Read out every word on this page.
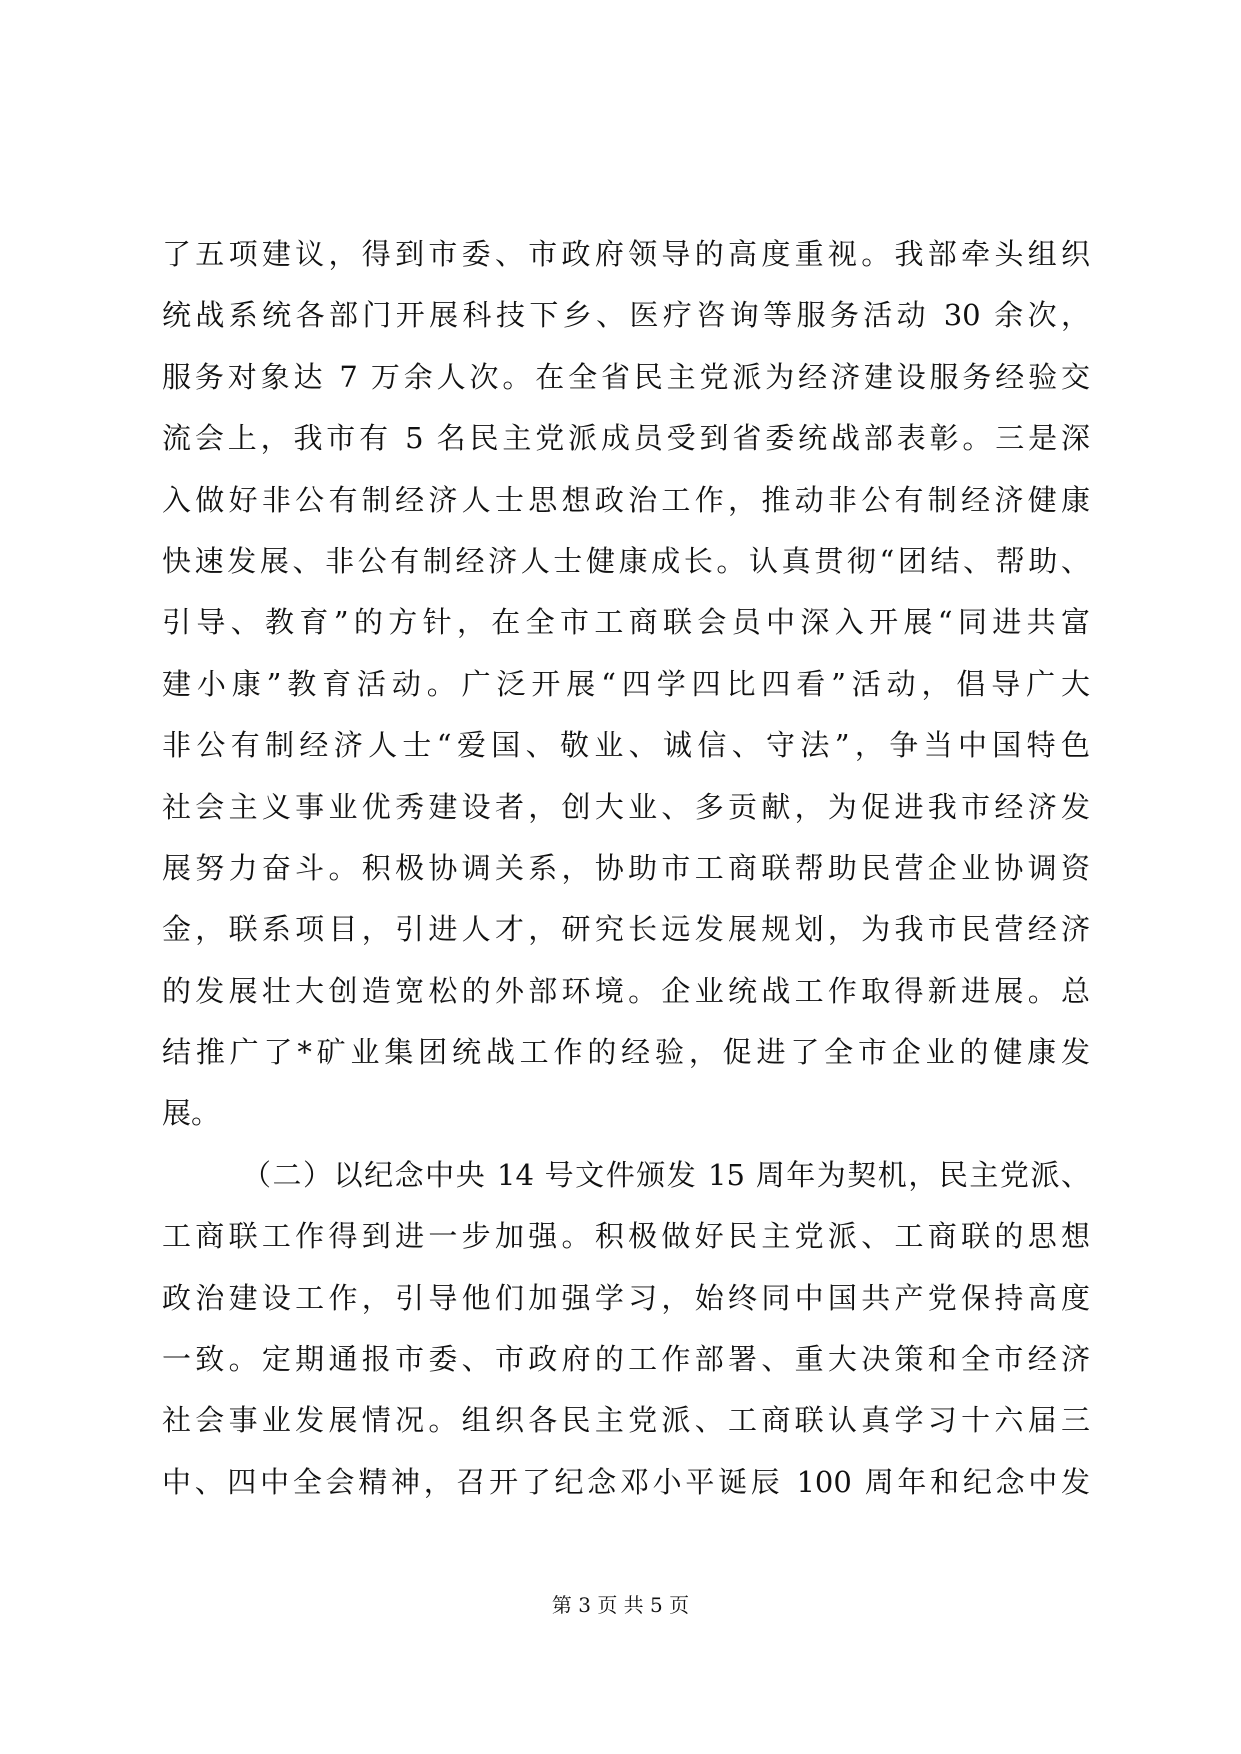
了五项建议，得到市委、市政府领导的高度重视。我部牵头组织
统战系统各部门开展科技下乡、医疗咨询等服务活动 30 余次，
服务对象达 7 万余人次。在全省民主党派为经济建设服务经验交
流会上，我市有 5 名民主党派成员受到省委统战部表彰。三是深
入做好非公有制经济人士思想政治工作，推动非公有制经济健康
快速发展、非公有制经济人士健康成长。认真贯彻“团结、帮助、
引导、教育”的方针，在全市工商联会员中深入开展“同进共富
建小康”教育活动。广泛开展“四学四比四看”活动，倡导广大
非公有制经济人士“爱国、敬业、诚信、守法”，争当中国特色
社会主义事业优秀建设者，创大业、多贡献，为促进我市经济发
展努力奋斗。积极协调关系，协助市工商联帮助民营企业协调资
金，联系项目，引进人才，研究长远发展规划，为我市民营经济
的发展壮大创造宽松的外部环境。企业统战工作取得新进展。总
结推广了*矿业集团统战工作的经验，促进了全市企业的健康发
展。
（二）以纪念中央 14 号文件颁发 15 周年为契机，民主党派、
工商联工作得到进一步加强。积极做好民主党派、工商联的思想
政治建设工作，引导他们加强学习，始终同中国共产党保持高度
一致。定期通报市委、市政府的工作部署、重大决策和全市经济
社会事业发展情况。组织各民主党派、工商联认真学习十六届三
中、四中全会精神，召开了纪念邓小平诞辰 100 周年和纪念中发
第 3 页 共 5 页
